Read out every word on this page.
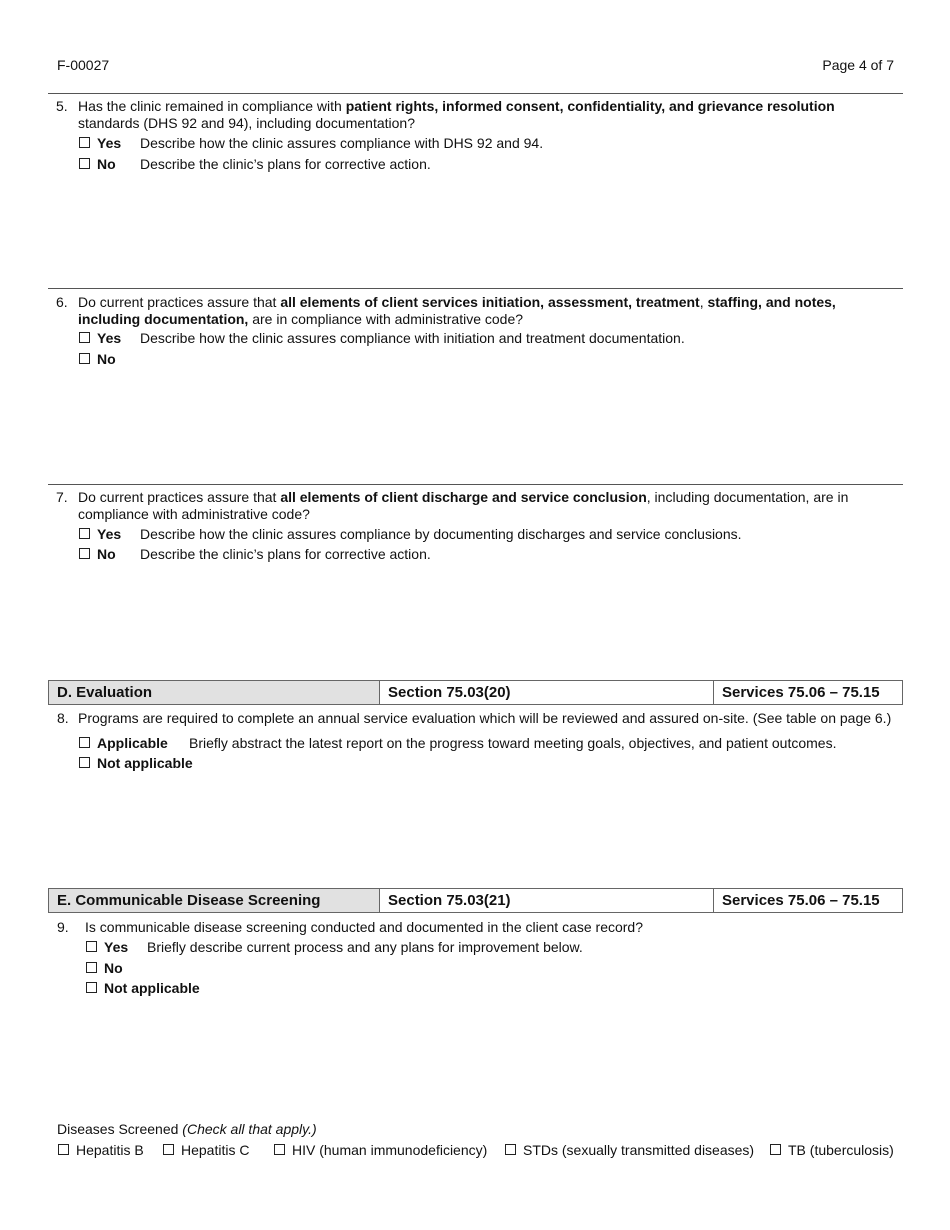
F-00027	Page 4 of 7
5. Has the clinic remained in compliance with patient rights, informed consent, confidentiality, and grievance resolution standards (DHS 92 and 94), including documentation?
Yes Describe how the clinic assures compliance with DHS 92 and 94.
No Describe the clinic’s plans for corrective action.
6. Do current practices assure that all elements of client services initiation, assessment, treatment, staffing, and notes, including documentation, are in compliance with administrative code?
Yes Describe how the clinic assures compliance with initiation and treatment documentation.
No
7. Do current practices assure that all elements of client discharge and service conclusion, including documentation, are in compliance with administrative code?
Yes Describe how the clinic assures compliance by documenting discharges and service conclusions.
No Describe the clinic’s plans for corrective action.
D. Evaluation	Section 75.03(20)	Services 75.06 – 75.15
8. Programs are required to complete an annual service evaluation which will be reviewed and assured on-site. (See table on page 6.)
Applicable Briefly abstract the latest report on the progress toward meeting goals, objectives, and patient outcomes.
Not applicable
E. Communicable Disease Screening	Section 75.03(21)	Services 75.06 – 75.15
9. Is communicable disease screening conducted and documented in the client case record?
Yes Briefly describe current process and any plans for improvement below.
No
Not applicable
Diseases Screened (Check all that apply.)
Hepatitis B	Hepatitis C	HIV (human immunodeficiency)	STDs (sexually transmitted diseases) TB (tuberculosis)
